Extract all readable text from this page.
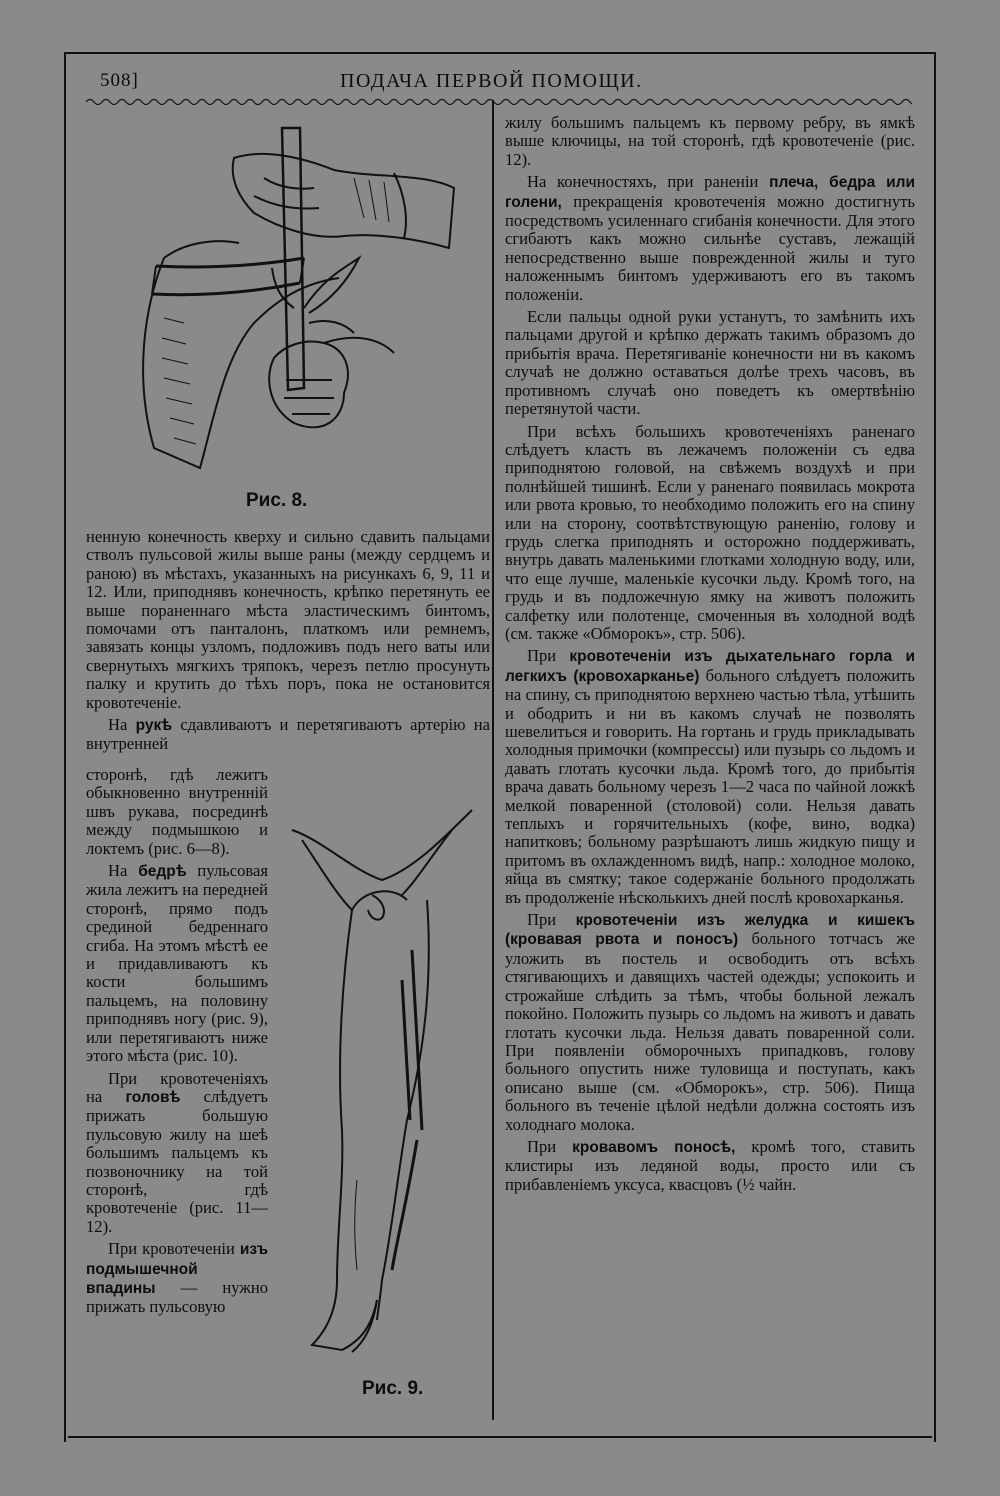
508]	ПОДАЧА ПЕРВОЙ ПОМОЩИ.
Рис. 8.

ненную конечность кверху и сильно сдавить пальцами стволъ пульсовой жилы выше раны (между сердцемъ и раною) въ мѣстахъ, указанныхъ на рисункахъ 6, 9, 11 и 12. Или, приподнявъ конечность, крѣпко перетянуть ее выше пораненнаго мѣста эластическимъ бинтомъ, помочами отъ панталонъ, платкомъ или ремнемъ, завязать концы узломъ, подложивъ подъ него ваты или свернутыхъ мягкихъ тряпокъ, черезъ петлю просунуть палку и крутить до тѣхъ поръ, пока не остановится кровотеченіе.

На рукѣ сдавливаютъ и перетягиваютъ артерію на внутренней

сторонѣ, гдѣ лежитъ обыкновенно внутренній швъ рукава, посрединѣ между подмышкою и локтемъ (рис. 6—8).

На бедрѣ пульсовая жила лежитъ на передней сторонѣ, прямо подъ срединой бедреннаго сгиба. На этомъ мѣстѣ ее и придавливаютъ къ кости большимъ пальцемъ, на половину приподнявъ ногу (рис. 9), или перетягиваютъ ниже этого мѣста (рис. 10).

При кровотеченіяхъ на головѣ слѣдуетъ прижать большую пульсовую жилу на шеѣ большимъ пальцемъ къ позвоночнику на той сторонѣ, гдѣ кровотеченіе (рис. 11—12).

При кровотеченіи изъ подмышечной впадины — нужно прижать пульсовую

Рис. 9.

жилу большимъ пальцемъ къ первому ребру, въ ямкѣ выше ключицы, на той сторонѣ, гдѣ кровотеченіе (рис. 12).

На конечностяхъ, при раненіи плеча, бедра или голени, прекращенія кровотеченія можно достигнуть посредствомъ усиленнаго сгибанія конечности. Для этого сгибаютъ какъ можно сильнѣе суставъ, лежащій непосредственно выше поврежденной жилы и туго наложеннымъ бинтомъ удерживаютъ его въ такомъ положеніи.

Если пальцы одной руки устанутъ, то замѣнить ихъ пальцами другой и крѣпко держать такимъ образомъ до прибытія врача. Перетягиваніе конечности ни въ какомъ случаѣ не должно оставаться долѣе трехъ часовъ, въ противномъ случаѣ оно поведетъ къ омертвѣнію перетянутой части.

При всѣхъ большихъ кровотеченіяхъ раненаго слѣдуетъ класть въ лежачемъ положеніи съ едва приподнятою головой, на свѣжемъ воздухѣ и при полнѣйшей тишинѣ. Если у раненаго появилась мокрота или рвота кровью, то необходимо положить его на спину или на сторону, соотвѣтствующую раненію, голову и грудь слегка приподнять и осторожно поддерживать, внутрь давать маленькими глотками холодную воду, или, что еще лучше, маленькіе кусочки льду. Кромѣ того, на грудь и въ подложечную ямку на животъ положить салфетку или полотенце, смоченныя въ холодной водѣ (см. также «Обморокъ», стр. 506).

При кровотеченіи изъ дыхательнаго горла и легкихъ (кровохарканье) больного слѣдуетъ положить на спину, съ приподнятою верхнею частью тѣла, утѣшить и ободрить и ни въ какомъ случаѣ не позволять шевелиться и говорить. На гортань и грудь прикладывать холодныя примочки (компрессы) или пузырь со льдомъ и давать глотать кусочки льда. Кромѣ того, до прибытія врача давать больному черезъ 1—2 часа по чайной ложкѣ мелкой поваренной (столовой) соли. Нельзя давать теплыхъ и горячительныхъ (кофе, вино, водка) напитковъ; больному разрѣшаютъ лишь жидкую пищу и притомъ въ охлажденномъ видѣ, напр.: холодное молоко, яйца въ смятку; такое содержаніе больного продолжать въ продолженіе нѣсколькихъ дней послѣ кровохарканья.

При кровотеченіи изъ желудка и кишекъ (кровавая рвота и поносъ) больного тотчасъ же уложить въ постель и освободить отъ всѣхъ стягивающихъ и давящихъ частей одежды; успокоить и строжайше слѣдить за тѣмъ, чтобы больной лежалъ покойно. Положить пузырь со льдомъ на животъ и давать глотать кусочки льда. Нельзя давать поваренной соли. При появленіи обморочныхъ припадковъ, голову больного опустить ниже туловища и поступать, какъ описано выше (см. «Обморокъ», стр. 506). Пища больного въ теченіе цѣлой недѣли должна состоять изъ холоднаго молока.

При кровавомъ поносѣ, кромѣ того, ставить клистиры изъ ледяной воды, просто или съ прибавленіемъ уксуса, квасцовъ (½ чайн.
